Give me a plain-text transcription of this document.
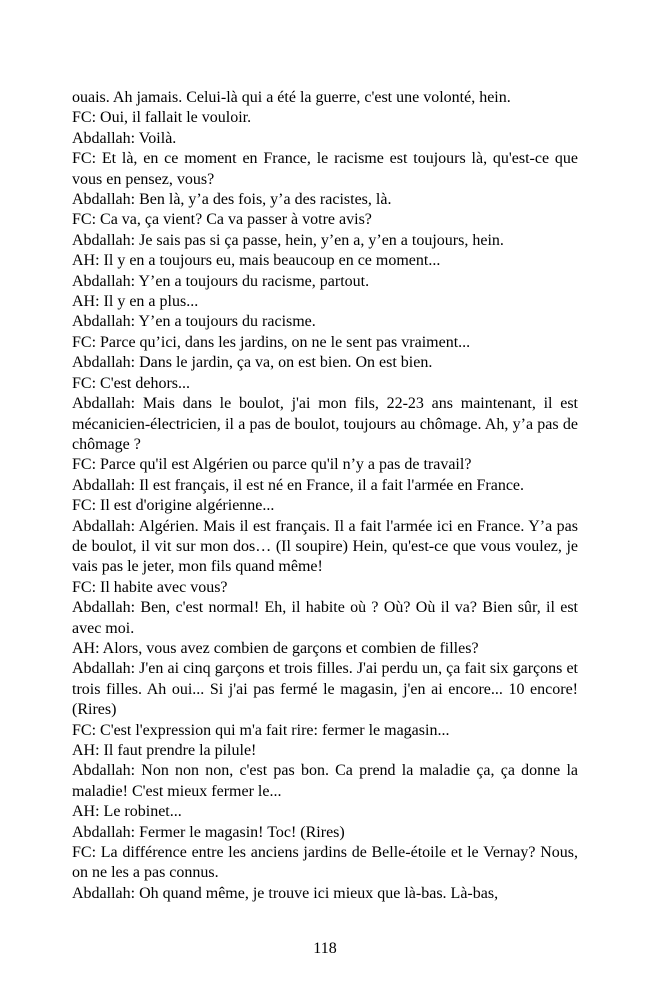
ouais. Ah jamais. Celui-là qui a été la guerre, c'est une volonté, hein.

FC: Oui, il fallait le vouloir.

Abdallah: Voilà.

FC: Et là, en ce moment en France, le racisme est toujours là, qu'est-ce que vous en pensez, vous?

Abdallah: Ben là, y’a des fois, y’a des racistes, là.

FC: Ca va, ça vient? Ca va passer à votre avis?

Abdallah: Je sais pas si ça passe, hein, y’en a, y’en a toujours, hein.

AH: Il y en a toujours eu, mais beaucoup en ce moment...

Abdallah: Y’en a toujours du racisme, partout.

AH: Il y en a plus...

Abdallah: Y’en a toujours du racisme.

FC: Parce qu’ici, dans les jardins, on ne le sent pas vraiment...

Abdallah: Dans le jardin, ça va, on est bien. On est bien.

FC: C'est dehors...

Abdallah: Mais dans le boulot, j'ai mon fils, 22-23 ans maintenant, il est mécanicien-électricien, il a pas de boulot, toujours au chômage. Ah, y’a pas de chômage ?

FC: Parce qu'il est Algérien ou parce qu'il n’y a pas de travail?

Abdallah: Il est français, il est né en France, il a fait l'armée en France.

FC: Il est d'origine algérienne...

Abdallah: Algérien. Mais il est français. Il a fait l'armée ici en France. Y’a pas de boulot, il vit sur mon dos… (Il soupire) Hein, qu'est-ce que vous voulez, je vais pas le jeter, mon fils quand même!

FC: Il habite avec vous?

Abdallah: Ben, c'est normal! Eh, il habite où ? Où? Où il va? Bien sûr, il est avec moi.

AH: Alors, vous avez combien de garçons et combien de filles?

Abdallah: J'en ai cinq garçons et trois filles. J'ai perdu un, ça fait six garçons et trois filles. Ah oui... Si j'ai pas fermé le magasin, j'en ai encore... 10 encore! (Rires)

FC: C'est l'expression qui m'a fait rire: fermer le magasin...

AH: Il faut prendre la pilule!

Abdallah: Non non non, c'est pas bon. Ca prend la maladie ça, ça donne la maladie! C'est mieux fermer le...

AH: Le robinet...

Abdallah: Fermer le magasin! Toc! (Rires)

FC: La différence entre les anciens jardins de Belle-étoile et le Vernay? Nous, on ne les a pas connus.

Abdallah: Oh quand même, je trouve ici mieux que là-bas. Là-bas,

118
